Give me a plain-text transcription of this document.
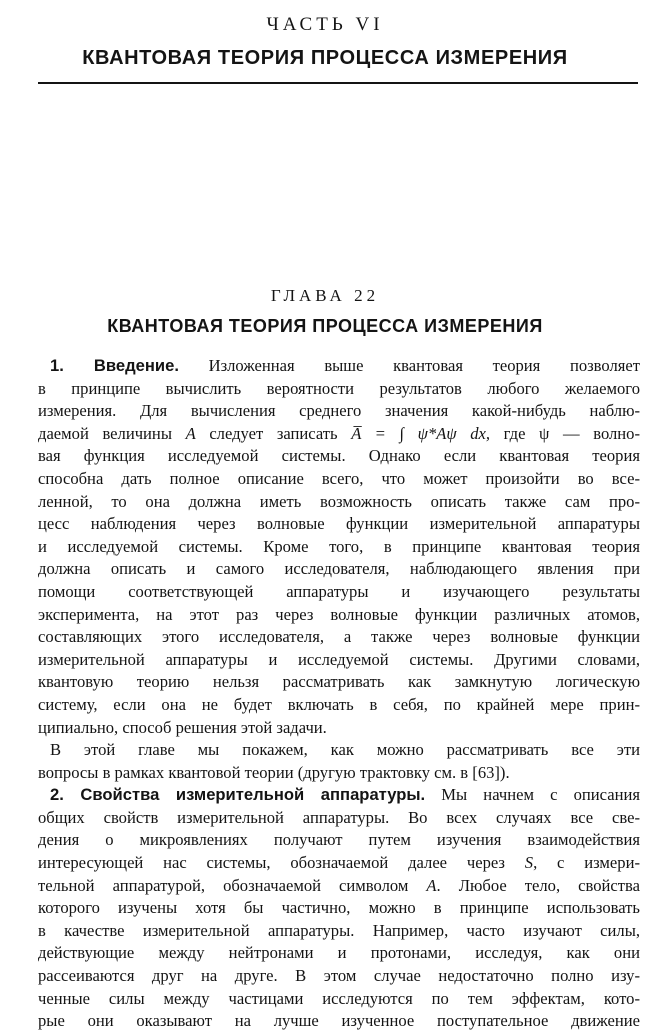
ЧАСТЬ VI
КВАНТОВАЯ ТЕОРИЯ ПРОЦЕССА ИЗМЕРЕНИЯ
ГЛАВА 22
КВАНТОВАЯ ТЕОРИЯ ПРОЦЕССА ИЗМЕРЕНИЯ
1. Введение. Изложенная выше квантовая теория позволяет
в принципе вычислить вероятности результатов любого желаемого
измерения. Для вычисления среднего значения какой-нибудь наблю-
даемой величины A следует записать A̅ = ∫ ψ*Aψ dx, где ψ — волно-
вая функция исследуемой системы. Однако если квантовая теория
способна дать полное описание всего, что может произойти во все-
ленной, то она должна иметь возможность описать также сам про-
цесс наблюдения через волновые функции измерительной аппаратуры
и исследуемой системы. Кроме того, в принципе квантовая теория
должна описать и самого исследователя, наблюдающего явления при
помощи соответствующей аппаратуры и изучающего результаты
эксперимента, на этот раз через волновые функции различных атомов,
составляющих этого исследователя, а также через волновые функции
измерительной аппаратуры и исследуемой системы. Другими словами,
квантовую теорию нельзя рассматривать как замкнутую логическую
систему, если она не будет включать в себя, по крайней мере прин-
ципиально, способ решения этой задачи.
В этой главе мы покажем, как можно рассматривать все эти
вопросы в рамках квантовой теории (другую трактовку см. в [63]).
2. Свойства измерительной аппаратуры. Мы начнем с описания
общих свойств измерительной аппаратуры. Во всех случаях все све-
дения о микроявлениях получают путем изучения взаимодействия
интересующей нас системы, обозначаемой далее через S, с измери-
тельной аппаратурой, обозначаемой символом A. Любое тело, свойства
которого изучены хотя бы частично, можно в принципе использовать
в качестве измерительной аппаратуры. Например, часто изучают силы,
действующие между нейтронами и протонами, исследуя, как они
рассеиваются друг на друге. В этом случае недостаточно полно изу-
ченные силы между частицами исследуются по тем эффектам, кото-
рые они оказывают на лучше изученное поступательное движение
